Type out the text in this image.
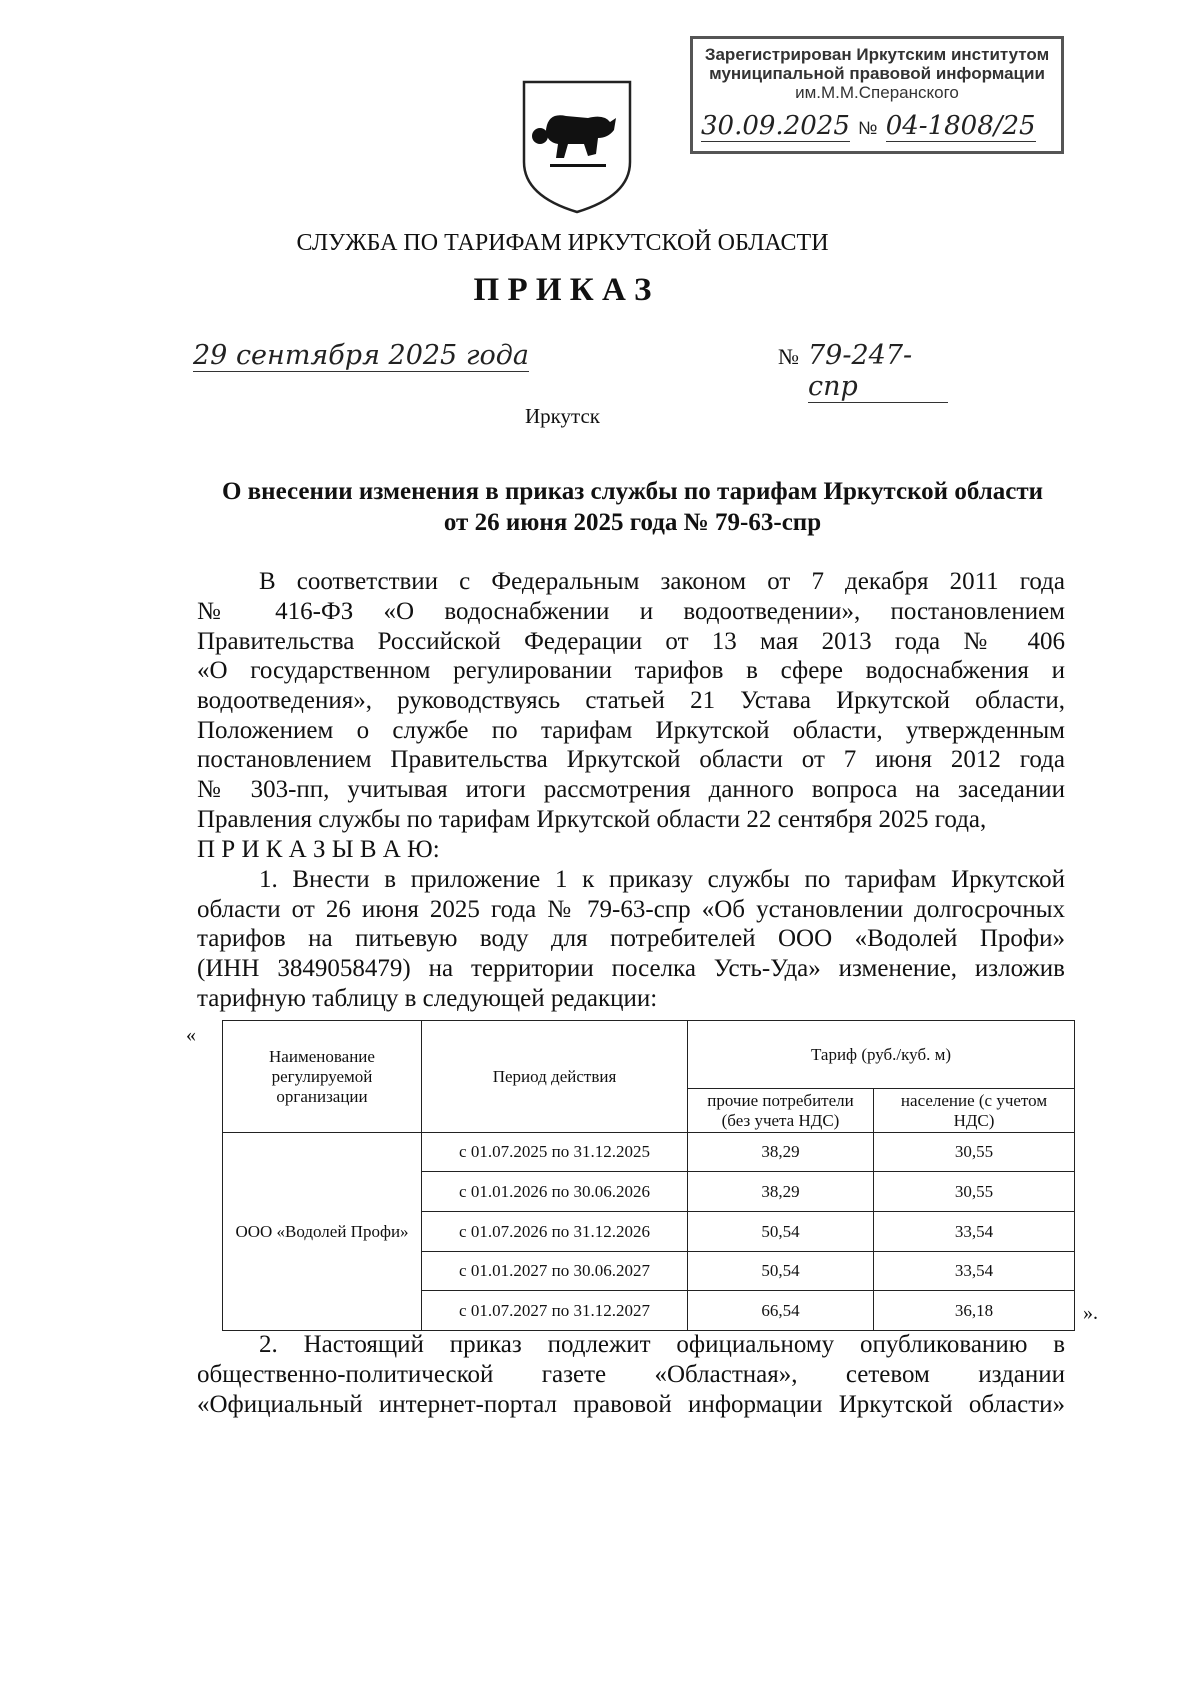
Зарегистрирован Иркутским институтом
муниципальной правовой информации
им.М.М.Сперанского
30.09.2025 № 04-1808/25
СЛУЖБА ПО ТАРИФАМ ИРКУТСКОЙ ОБЛАСТИ
П Р И К А З
29 сентября 2025 года	№ 79-247-спр
Иркутск
О внесении изменения в приказ службы по тарифам Иркутской области
от 26 июня 2025 года № 79-63-спр
В соответствии с Федеральным законом от 7 декабря 2011 года
№ 416-ФЗ «О водоснабжении и водоотведении», постановлением
Правительства Российской Федерации от 13 мая 2013 года № 406
«О государственном регулировании тарифов в сфере водоснабжения и
водоотведения», руководствуясь статьей 21 Устава Иркутской области,
Положением о службе по тарифам Иркутской области, утвержденным
постановлением Правительства Иркутской области от 7 июня 2012 года
№ 303-пп, учитывая итоги рассмотрения данного вопроса на заседании
Правления службы по тарифам Иркутской области 22 сентября 2025 года,
П Р И К А З Ы В А Ю:
1. Внести в приложение 1 к приказу службы по тарифам Иркутской
области от 26 июня 2025 года № 79-63-спр «Об установлении долгосрочных
тарифов на питьевую воду для потребителей ООО «Водолей Профи»
(ИНН 3849058479) на территории поселка Усть-Уда» изменение, изложив
тарифную таблицу в следующей редакции:
«
Наименование регулируемой организации	Период действия	Тариф (руб./куб. м)	
		прочие потребители (без учета НДС)	население (с учетом НДС)
ООО «Водолей Профи»	с 01.07.2025 по 31.12.2025	38,29	30,55
	с 01.01.2026 по 30.06.2026	38,29	30,55
	с 01.07.2026 по 31.12.2026	50,54	33,54
	с 01.01.2027 по 30.06.2027	50,54	33,54
	с 01.07.2027 по 31.12.2027	66,54	36,18	».
2. Настоящий приказ подлежит официальному опубликованию в
общественно-политической газете «Областная», сетевом издании
«Официальный интернет-портал правовой информации Иркутской области»
